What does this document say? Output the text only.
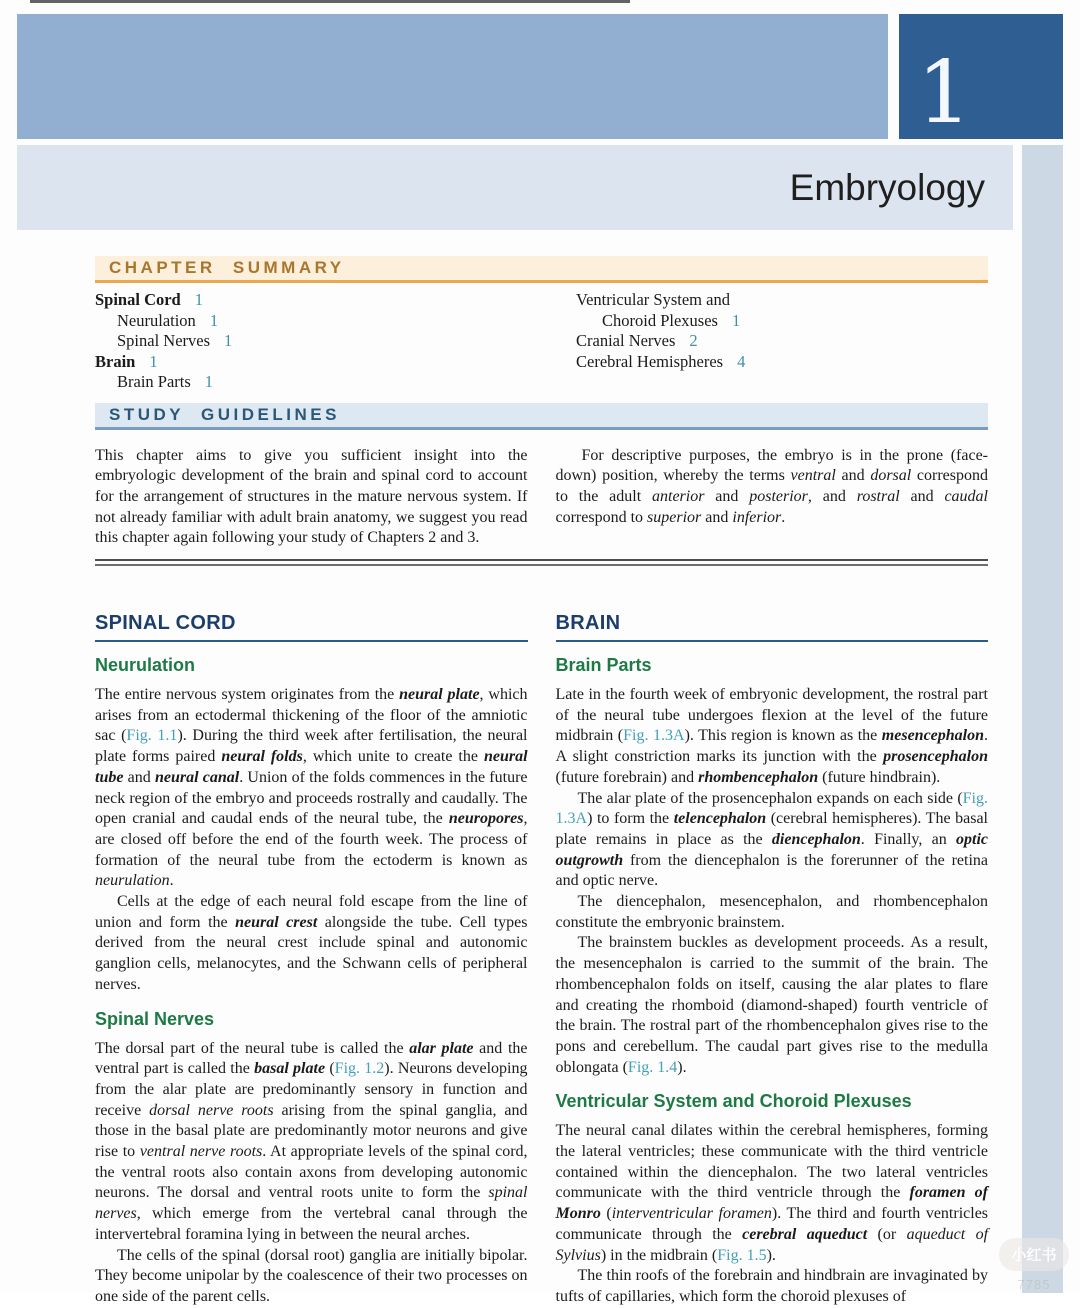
1
Embryology
CHAPTER SUMMARY
Spinal Cord 1
Neurulation 1
Spinal Nerves 1
Brain 1
Brain Parts 1
Ventricular System and
Choroid Plexuses 1
Cranial Nerves 2
Cerebral Hemispheres 4
STUDY GUIDELINES

This chapter aims to give you sufficient insight into the embryologic development of the brain and spinal cord to account for the arrangement of structures in the mature nervous system. If not already familiar with adult brain anatomy, we suggest you read this chapter again following your study of Chapters 2 and 3.

For descriptive purposes, the embryo is in the prone (face-down) position, whereby the terms ventral and dorsal correspond to the adult anterior and posterior, and rostral and caudal correspond to superior and inferior.

SPINAL CORD
Neurulation

The entire nervous system originates from the neural plate, which arises from an ectodermal thickening of the floor of the amniotic sac (Fig. 1.1). During the third week after fertilisation, the neural plate forms paired neural folds, which unite to create the neural tube and neural canal. Union of the folds commences in the future neck region of the embryo and proceeds rostrally and caudally. The open cranial and caudal ends of the neural tube, the neuropores, are closed off before the end of the fourth week. The process of formation of the neural tube from the ectoderm is known as neurulation.

Cells at the edge of each neural fold escape from the line of union and form the neural crest alongside the tube. Cell types derived from the neural crest include spinal and autonomic ganglion cells, melanocytes, and the Schwann cells of peripheral nerves.

Spinal Nerves

The dorsal part of the neural tube is called the alar plate and the ventral part is called the basal plate (Fig. 1.2). Neurons developing from the alar plate are predominantly sensory in function and receive dorsal nerve roots arising from the spinal ganglia, and those in the basal plate are predominantly motor neurons and give rise to ventral nerve roots. At appropriate levels of the spinal cord, the ventral roots also contain axons from developing autonomic neurons. The dorsal and ventral roots unite to form the spinal nerves, which emerge from the vertebral canal through the intervertebral foramina lying in between the neural arches.

The cells of the spinal (dorsal root) ganglia are initially bipolar. They become unipolar by the coalescence of their two processes on one side of the parent cells.

BRAIN
Brain Parts

Late in the fourth week of embryonic development, the rostral part of the neural tube undergoes flexion at the level of the future midbrain (Fig. 1.3A). This region is known as the mesencephalon. A slight constriction marks its junction with the prosencephalon (future forebrain) and rhombencephalon (future hindbrain).

The alar plate of the prosencephalon expands on each side (Fig. 1.3A) to form the telencephalon (cerebral hemispheres). The basal plate remains in place as the diencephalon. Finally, an optic outgrowth from the diencephalon is the forerunner of the retina and optic nerve.

The diencephalon, mesencephalon, and rhombencephalon constitute the embryonic brainstem.

The brainstem buckles as development proceeds. As a result, the mesencephalon is carried to the summit of the brain. The rhombencephalon folds on itself, causing the alar plates to flare and creating the rhomboid (diamond-shaped) fourth ventricle of the brain. The rostral part of the rhombencephalon gives rise to the pons and cerebellum. The caudal part gives rise to the medulla oblongata (Fig. 1.4).

Ventricular System and Choroid Plexuses

The neural canal dilates within the cerebral hemispheres, forming the lateral ventricles; these communicate with the third ventricle contained within the diencephalon. The two lateral ventricles communicate with the third ventricle through the foramen of Monro (interventricular foramen). The third and fourth ventricles communicate through the cerebral aqueduct (or aqueduct of Sylvius) in the midbrain (Fig. 1.5).

The thin roofs of the forebrain and hindbrain are invaginated by tufts of capillaries, which form the choroid plexuses of

小红书
7785
